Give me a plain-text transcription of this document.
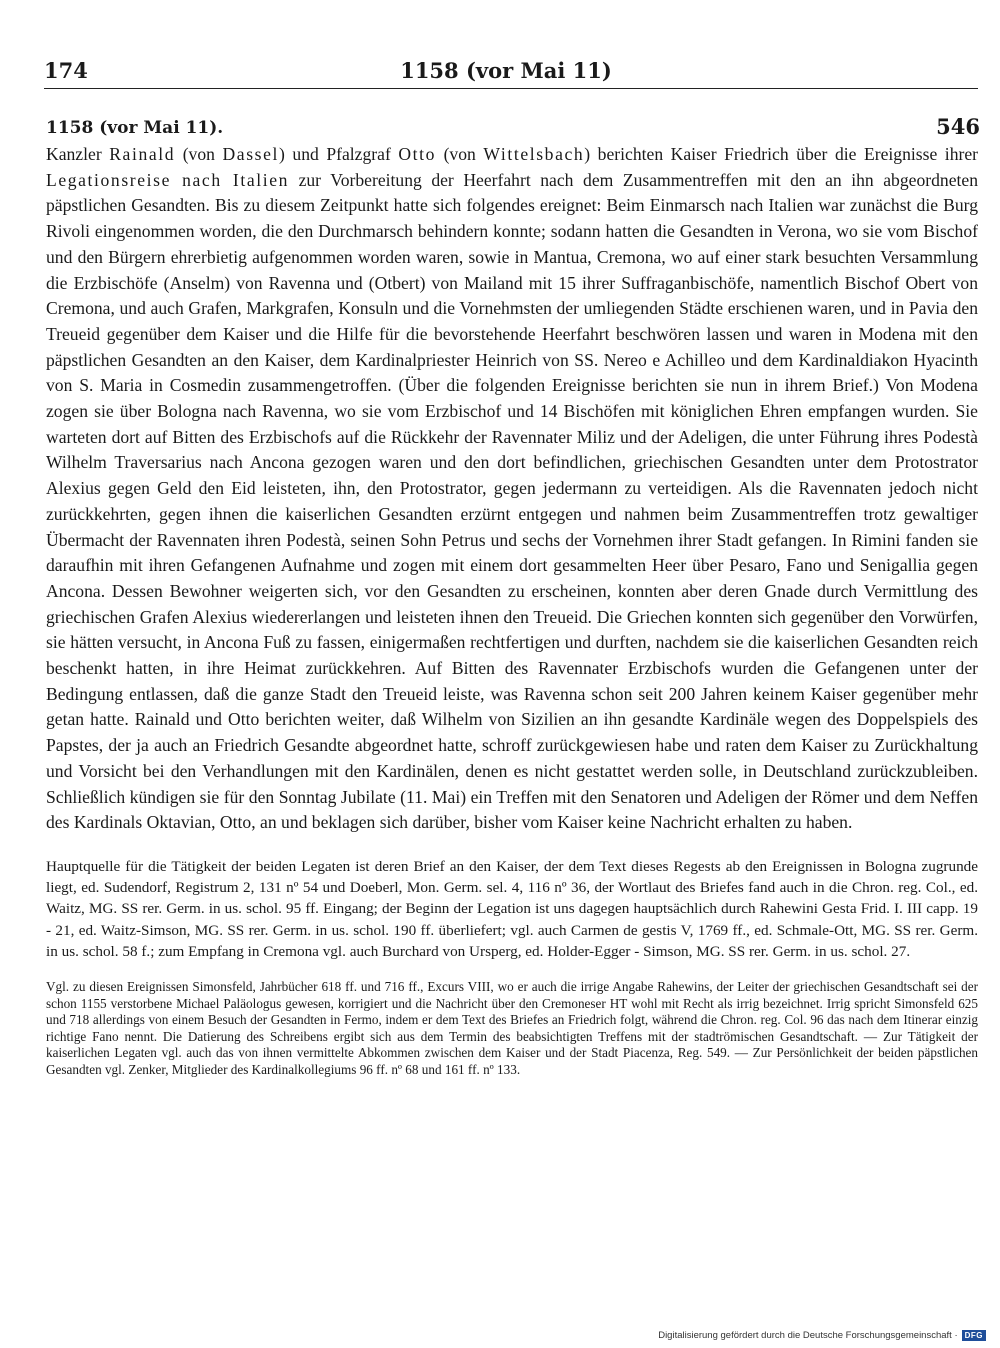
174	1158 (vor Mai 11)
1158 (vor Mai 11).	546

Kanzler Rainald (von Dassel) und Pfalzgraf Otto (von Wittelsbach) berichten Kaiser Friedrich über die Ereignisse ihrer Legationsreise nach Italien zur Vorbereitung der Heerfahrt nach dem Zusammentreffen mit den an ihn abgeordneten päpstlichen Gesandten. Bis zu diesem Zeitpunkt hatte sich folgendes ereignet: Beim Einmarsch nach Italien war zunächst die Burg Rivoli eingenommen worden, die den Durchmarsch behindern konnte; sodann hatten die Gesandten in Verona, wo sie vom Bischof und den Bürgern ehrerbietig aufgenommen worden waren, sowie in Mantua, Cremona, wo auf einer stark besuchten Versammlung die Erzbischöfe (Anselm) von Ravenna und (Otbert) von Mailand mit 15 ihrer Suffraganbischöfe, namentlich Bischof Obert von Cremona, und auch Grafen, Markgrafen, Konsuln und die Vornehmsten der umliegenden Städte erschienen waren, und in Pavia den Treueid gegenüber dem Kaiser und die Hilfe für die bevorstehende Heerfahrt beschwören lassen und waren in Modena mit den päpstlichen Gesandten an den Kaiser, dem Kardinalpriester Heinrich von SS. Nereo e Achilleo und dem Kardinaldiakon Hyacinth von S. Maria in Cosmedin zusammengetroffen. (Über die folgenden Ereignisse berichten sie nun in ihrem Brief.) Von Modena zogen sie über Bologna nach Ravenna, wo sie vom Erzbischof und 14 Bischöfen mit königlichen Ehren empfangen wurden. Sie warteten dort auf Bitten des Erzbischofs auf die Rückkehr der Ravennater Miliz und der Adeligen, die unter Führung ihres Podestà Wilhelm Traversarius nach Ancona gezogen waren und den dort befindlichen, griechischen Gesandten unter dem Protostrator Alexius gegen Geld den Eid leisteten, ihn, den Protostrator, gegen jedermann zu verteidigen. Als die Ravennaten jedoch nicht zurückkehrten, gegen ihnen die kaiserlichen Gesandten erzürnt entgegen und nahmen beim Zusammentreffen trotz gewaltiger Übermacht der Ravennaten ihren Podestà, seinen Sohn Petrus und sechs der Vornehmen ihrer Stadt gefangen. In Rimini fanden sie daraufhin mit ihren Gefangenen Aufnahme und zogen mit einem dort gesammelten Heer über Pesaro, Fano und Senigallia gegen Ancona. Dessen Bewohner weigerten sich, vor den Gesandten zu erscheinen, konnten aber deren Gnade durch Vermittlung des griechischen Grafen Alexius wiedererlangen und leisteten ihnen den Treueid. Die Griechen konnten sich gegenüber den Vorwürfen, sie hätten versucht, in Ancona Fuß zu fassen, einigermaßen rechtfertigen und durften, nachdem sie die kaiserlichen Gesandten reich beschenkt hatten, in ihre Heimat zurückkehren. Auf Bitten des Ravennater Erzbischofs wurden die Gefangenen unter der Bedingung entlassen, daß die ganze Stadt den Treueid leiste, was Ravenna schon seit 200 Jahren keinem Kaiser gegenüber mehr getan hatte. Rainald und Otto berichten weiter, daß Wilhelm von Sizilien an ihn gesandte Kardinäle wegen des Doppelspiels des Papstes, der ja auch an Friedrich Gesandte abgeordnet hatte, schroff zurückgewiesen habe und raten dem Kaiser zu Zurückhaltung und Vorsicht bei den Verhandlungen mit den Kardinälen, denen es nicht gestattet werden solle, in Deutschland zurückzubleiben. Schließlich kündigen sie für den Sonntag Jubilate (11. Mai) ein Treffen mit den Senatoren und Adeligen der Römer und dem Neffen des Kardinals Oktavian, Otto, an und beklagen sich darüber, bisher vom Kaiser keine Nachricht erhalten zu haben.

Hauptquelle für die Tätigkeit der beiden Legaten ist deren Brief an den Kaiser, der dem Text dieses Regests ab den Ereignissen in Bologna zugrunde liegt, ed. Sudendorf, Registrum 2, 131 nº 54 und Doeberl, Mon. Germ. sel. 4, 116 nº 36, der Wortlaut des Briefes fand auch in die Chron. reg. Col., ed. Waitz, MG. SS rer. Germ. in us. schol. 95 ff. Eingang; der Beginn der Legation ist uns dagegen hauptsächlich durch Rahewini Gesta Frid. I. III capp. 19 - 21, ed. Waitz-Simson, MG. SS rer. Germ. in us. schol. 190 ff. überliefert; vgl. auch Carmen de gestis V, 1769 ff., ed. Schmale-Ott, MG. SS rer. Germ. in us. schol. 58 f.; zum Empfang in Cremona vgl. auch Burchard von Ursperg, ed. Holder-Egger - Simson, MG. SS rer. Germ. in us. schol. 27.

Vgl. zu diesen Ereignissen Simonsfeld, Jahrbücher 618 ff. und 716 ff., Excurs VIII, wo er auch die irrige Angabe Rahewins, der Leiter der griechischen Gesandtschaft sei der schon 1155 verstorbene Michael Paläologus gewesen, korrigiert und die Nachricht über den Cremoneser HT wohl mit Recht als irrig bezeichnet. Irrig spricht Simonsfeld 625 und 718 allerdings von einem Besuch der Gesandten in Fermo, indem er dem Text des Briefes an Friedrich folgt, während die Chron. reg. Col. 96 das nach dem Itinerar einzig richtige Fano nennt. Die Datierung des Schreibens ergibt sich aus dem Termin des beabsichtigten Treffens mit der stadtrömischen Gesandtschaft. — Zur Tätigkeit der kaiserlichen Legaten vgl. auch das von ihnen vermittelte Abkommen zwischen dem Kaiser und der Stadt Piacenza, Reg. 549. — Zur Persönlichkeit der beiden päpstlichen Gesandten vgl. Zenker, Mitglieder des Kardinalkollegiums 96 ff. nº 68 und 161 ff. nº 133.

Digitalisierung gefördert durch die Deutsche Forschungsgemeinschaft · DFG
